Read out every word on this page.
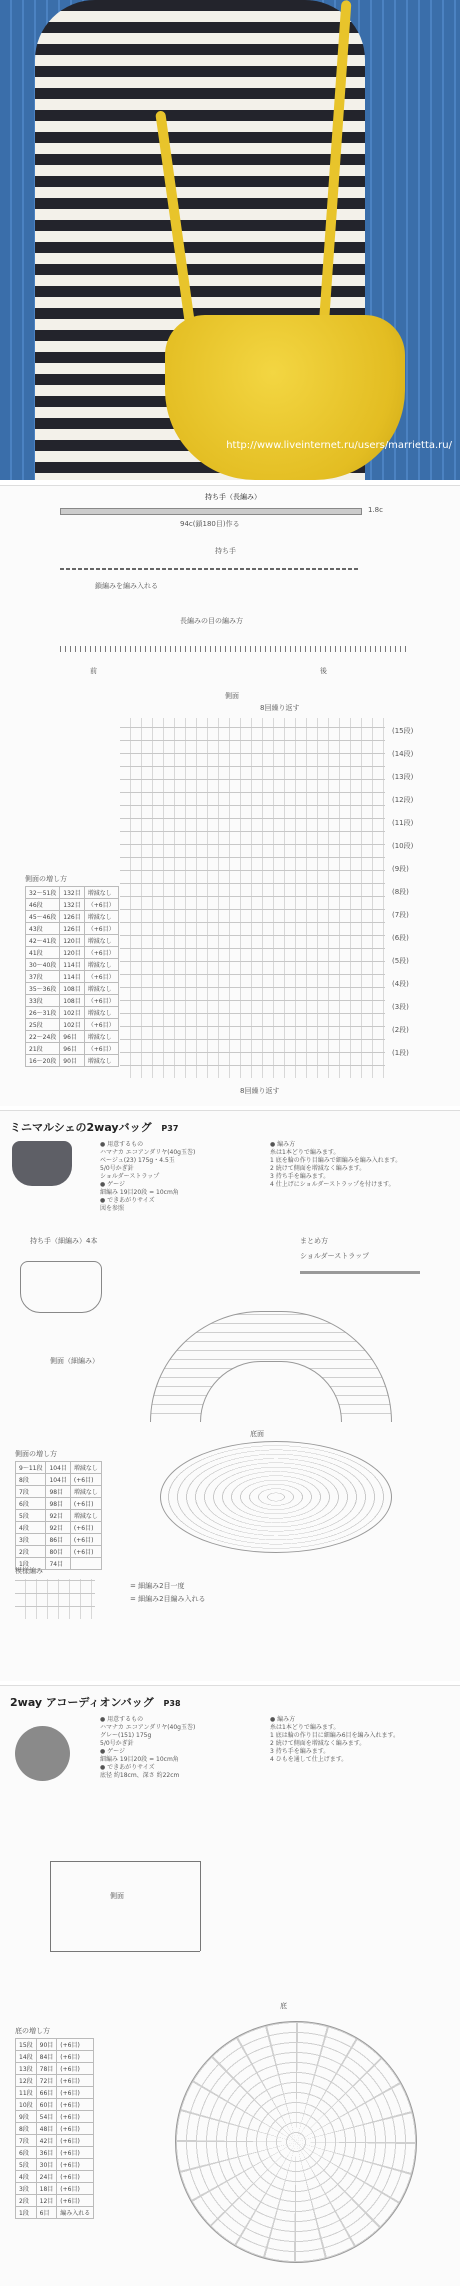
http://www.liveinternet.ru/users/marrietta.ru/
持ち手（長編み）
1.8c
94c(鎖180目)作る
持ち手
鎖編みを編み入れる
長編みの目の編み方
前	後
側面
8回繰り返す
8回繰り返す
(15段)
(14段)
(13段)
(12段)
(11段)
(10段)
(9段)
(8段)
(7段)
(6段)
(5段)
(4段)
(3段)
(2段)
(1段)
32〜51段	132目	増減なし
46段	132目	（+6目）
45〜46段	126目	増減なし
43段	126目	（+6目）
42〜41段	120目	増減なし
41段	120目	（+6目）
30〜40段	114目	増減なし
37段	114目	（+6目）
35〜36段	108目	増減なし
33段	108目	（+6目）
26〜31段	102目	増減なし
25段	102目	（+6目）
22〜24段	96目	増減なし
21段	96目	（+6目）
16〜20段	90目	増減なし
側面の増し方
ミニマルシェの2wayバッグ P37
● 用意するもの
ハマナカ エコアンダリヤ(40g玉巻)
ベージュ(23) 175g・4.5玉
5/0号かぎ針
ショルダーストラップ
● ゲージ
細編み 19目20段 = 10cm角
● できあがりサイズ
図を参照
● 編み方
糸は1本どりで編みます。
1 底を輪の作り目編みで細編みを編み入れます。
2 続けて側面を増減なく編みます。
3 持ち手を編みます。
4 仕上げにショルダーストラップを付けます。
持ち手（細編み）4本	まとめ方
ショルダーストラップ
側面（細編み）
底面
側面の増し方
9〜11段	104目	増減なし
8段	104目	(+6目)
7段	98目	増減なし
6段	98目	(+6目)
5段	92目	増減なし
4段	92目	(+6目)
3段	86目	(+6目)
2段	80目	(+6目)
1段	74目	
模様編み
= 細編み2目一度
= 細編み2目編み入れる
2way アコーディオンバッグ P38
● 用意するもの
ハマナカ エコアンダリヤ(40g玉巻)
グレー(151) 175g
5/0号かぎ針
● ゲージ
細編み 19目20段 = 10cm角
● できあがりサイズ
底径 約18cm、深さ 約22cm
● 編み方
糸は1本どりで編みます。
1 底は輪の作り目に細編み6目を編み入れます。
2 続けて側面を増減なく編みます。
3 持ち手を編みます。
4 ひもを通して仕上げます。
側面
底
底の増し方
15段	90目	(+6目)
14段	84目	(+6目)
13段	78目	(+6目)
12段	72目	(+6目)
11段	66目	(+6目)
10段	60目	(+6目)
9段	54目	(+6目)
8段	48目	(+6目)
7段	42目	(+6目)
6段	36目	(+6目)
5段	30目	(+6目)
4段	24目	(+6目)
3段	18目	(+6目)
2段	12目	(+6目)
1段	6目	編み入れる
